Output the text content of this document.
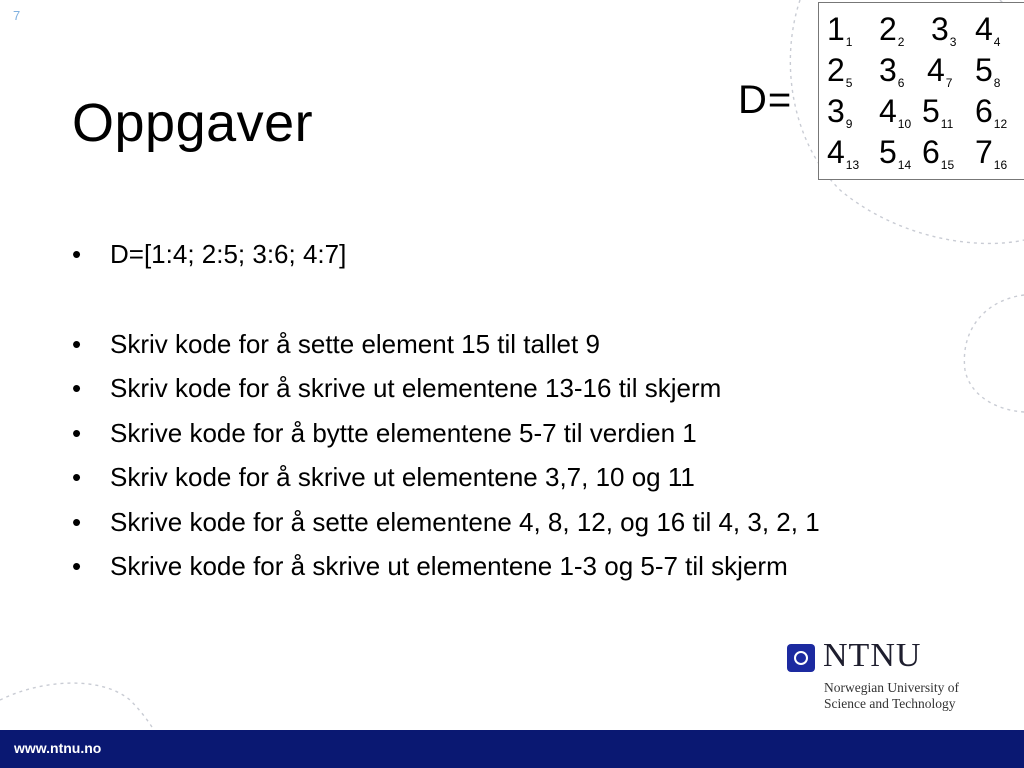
7
Oppgaver
• D=[1:4; 2:5; 3:6; 4:7]
• Skriv kode for å sette element 15 til tallet 9
• Skriv kode for å skrive ut elementene 13-16 til skjerm
• Skrive kode for å bytte elementene 5-7 til verdien 1
• Skriv kode for å skrive ut elementene 3,7, 10 og 11
• Skrive kode for å sette elementene 4, 8, 12, og 16 til 4, 3, 2, 1
• Skrive kode for å skrive ut elementene 1-3 og 5-7 til skjerm
D=
$1_1$ $2_2$ $3_3$ $4_4$
$2_5$ $3_6$ $4_7$ $5_8$
$3_9$ $4_{10}$ $5_{11}$ $6_{12}$
$4_{13}$ $5_{14}$ $6_{15}$ $7_{16}$
NTNU
Norwegian University of
Science and Technology
www.ntnu.no
